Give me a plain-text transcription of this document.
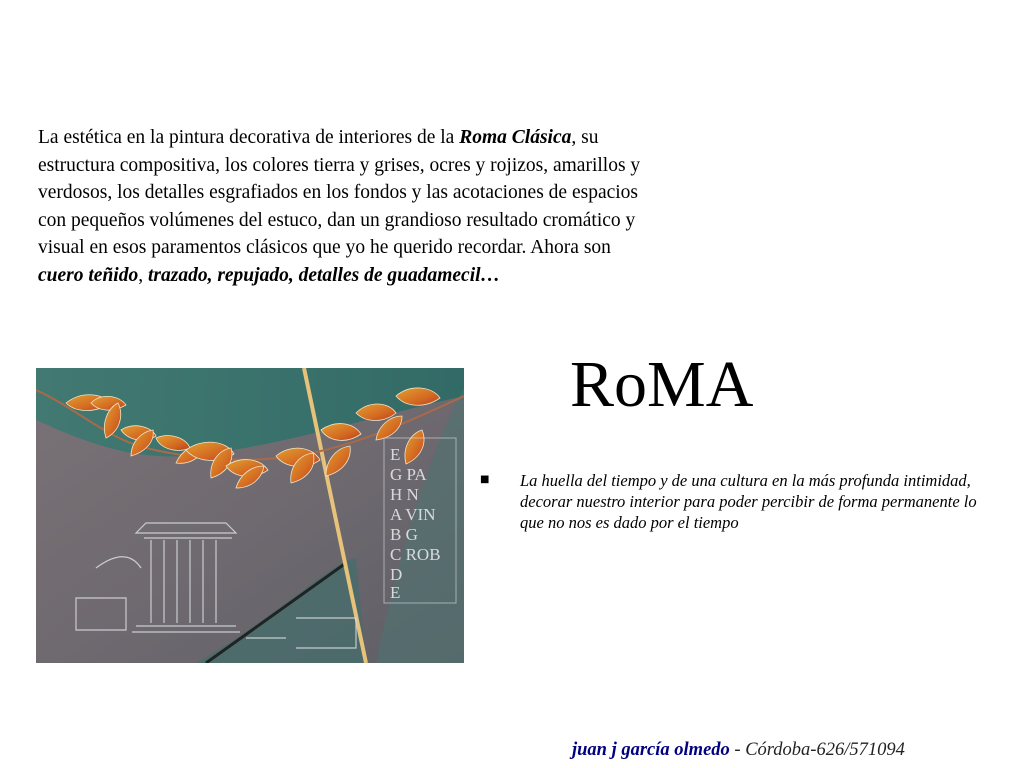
La estética en la pintura decorativa de interiores de la Roma Clásica, su estructura compositiva, los colores tierra y grises, ocres y rojizos, amarillos y verdosos, los detalles esgrafiados en los fondos y las acotaciones de espacios con pequeños volúmenes del estuco, dan un grandioso resultado cromático y visual en esos paramentos clásicos que yo he querido recordar. Ahora son cuero teñido, trazado, repujado, detalles de guadamecil…

RoMA
■	La huella del tiempo y de una cultura en la más profunda intimidad, decorar nuestro interior para poder percibir de forma permanente lo que no nos es dado por el tiempo
E
G PA
H N
A VIN
B G
C ROB
D
E
juan j garcía olmedo - Córdoba-626/571094
